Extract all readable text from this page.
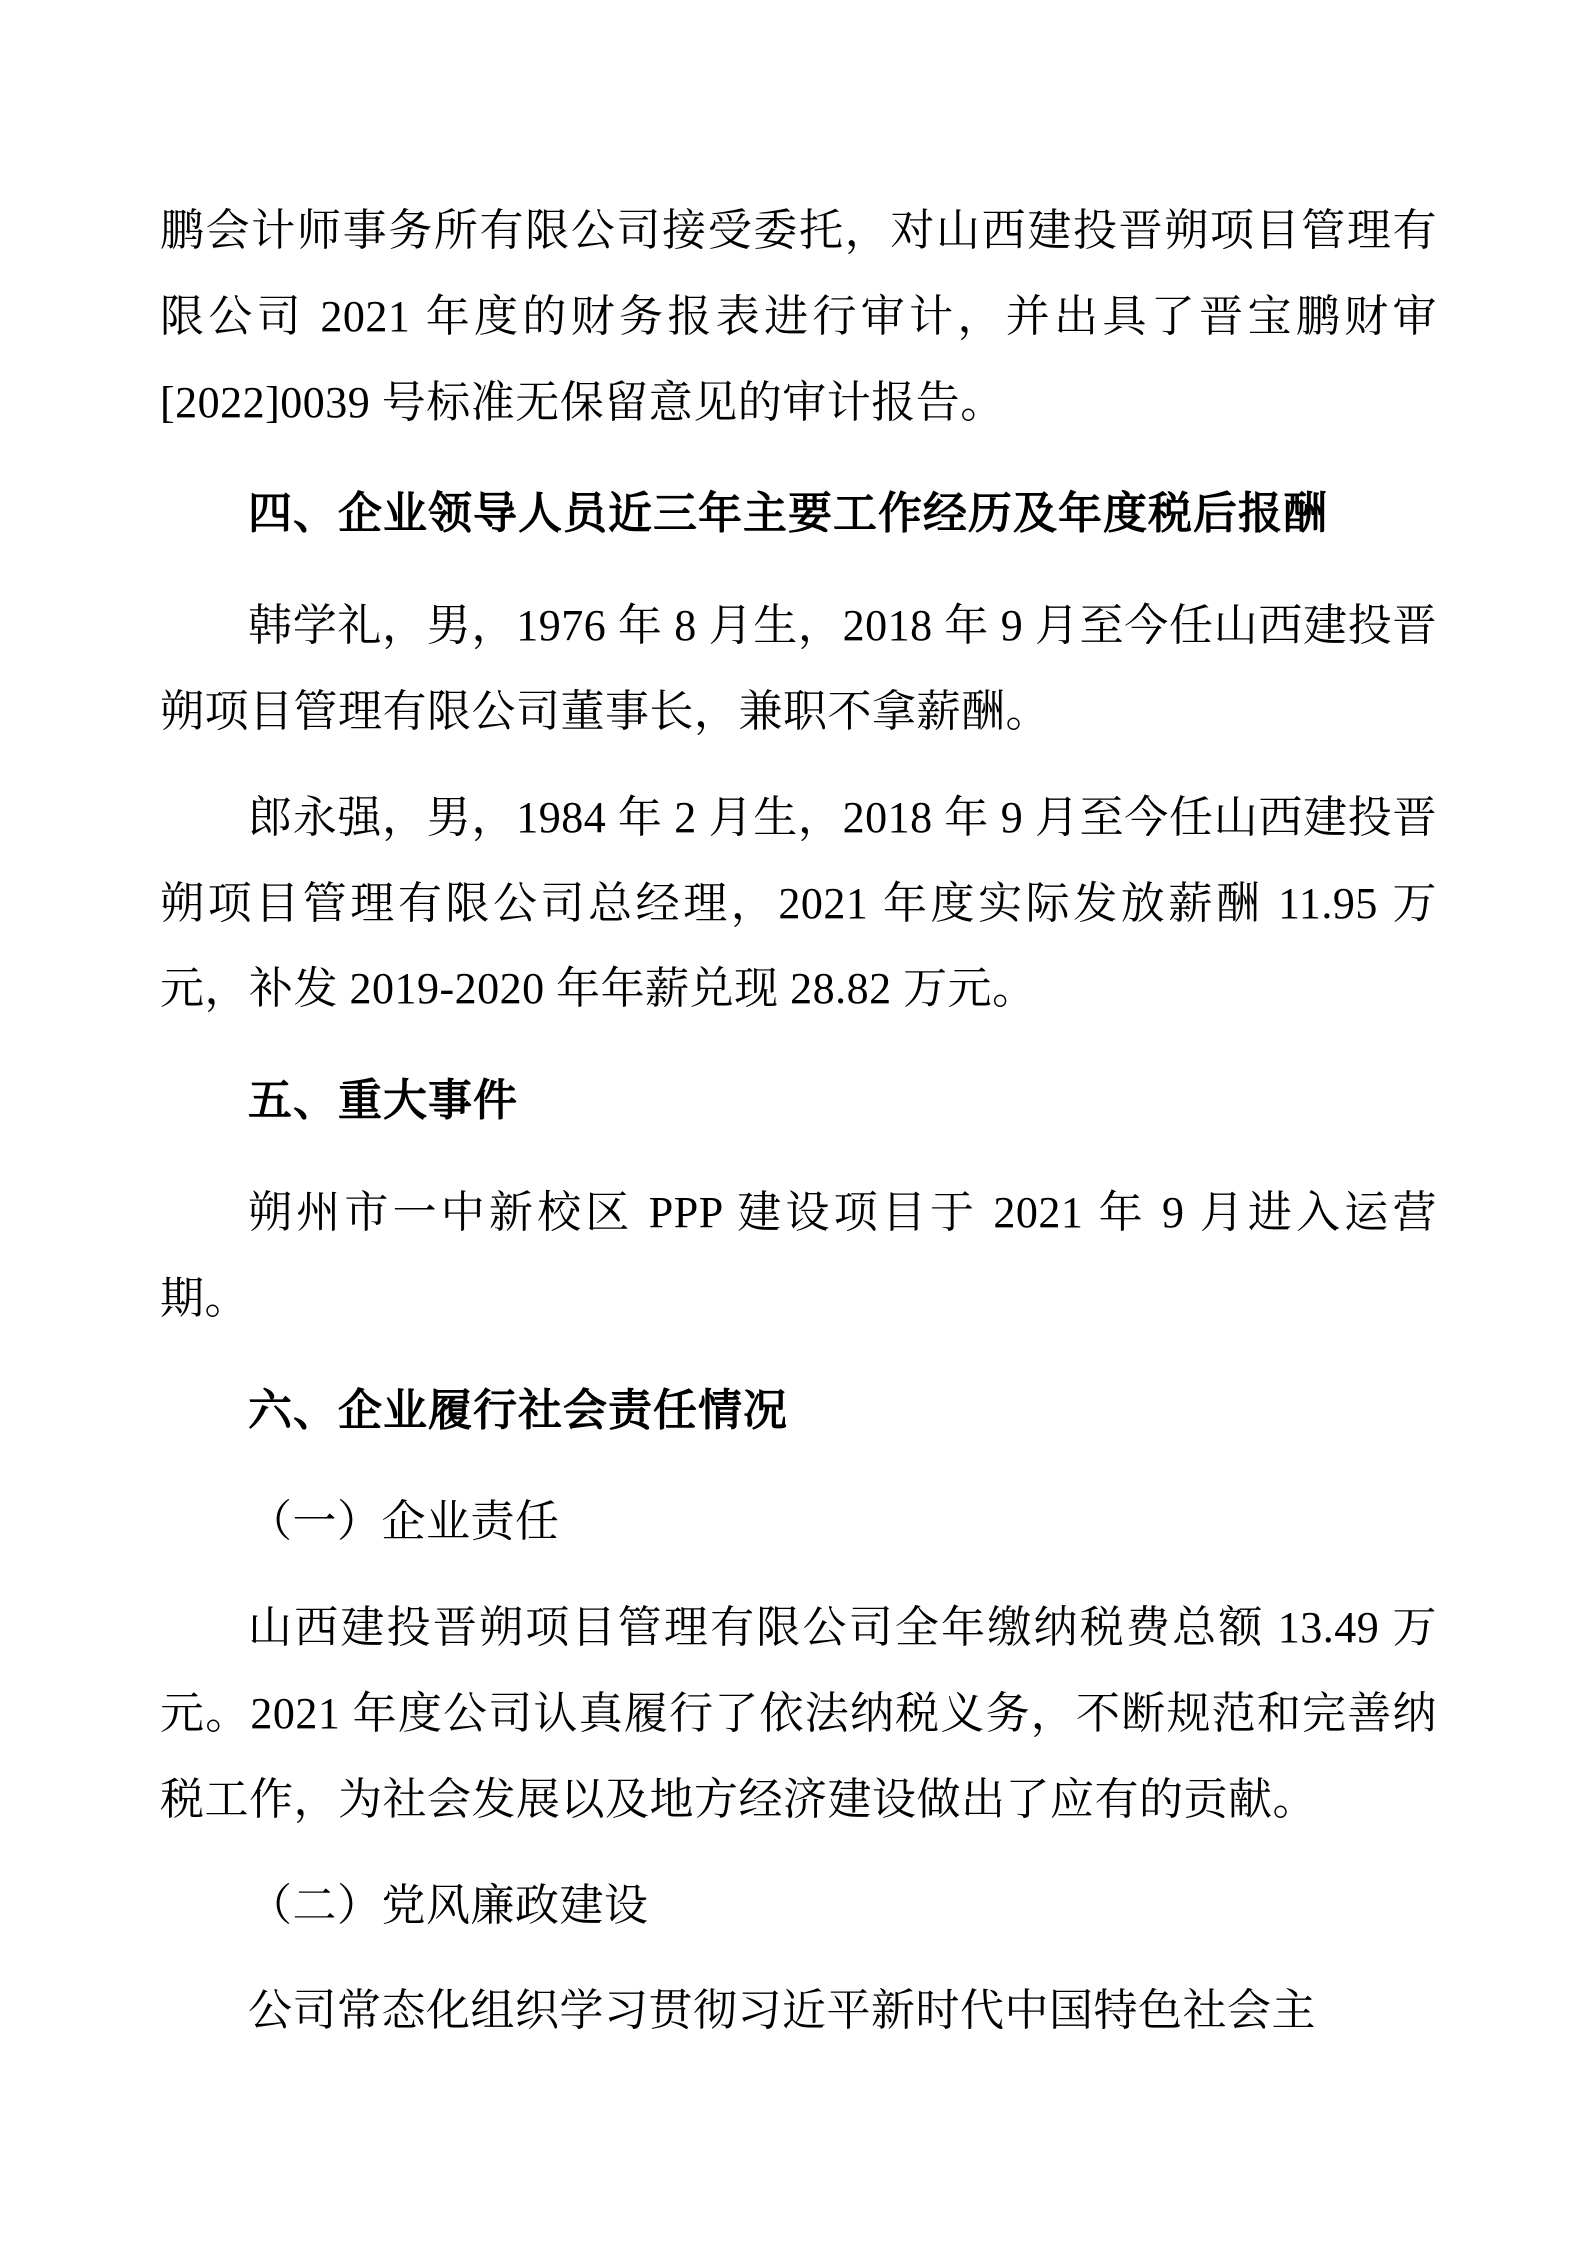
鹏会计师事务所有限公司接受委托，对山西建投晋朔项目管理有限公司 2021 年度的财务报表进行审计，并出具了晋宝鹏财审[2022]0039 号标准无保留意见的审计报告。

四、企业领导人员近三年主要工作经历及年度税后报酬

韩学礼，男，1976 年 8 月生，2018 年 9 月至今任山西建投晋朔项目管理有限公司董事长，兼职不拿薪酬。

郎永强，男，1984 年 2 月生，2018 年 9 月至今任山西建投晋朔项目管理有限公司总经理，2021 年度实际发放薪酬 11.95 万元，补发 2019-2020 年年薪兑现 28.82 万元。

五、重大事件

朔州市一中新校区 PPP 建设项目于 2021 年 9 月进入运营期。

六、企业履行社会责任情况

（一）企业责任

山西建投晋朔项目管理有限公司全年缴纳税费总额 13.49 万元。2021 年度公司认真履行了依法纳税义务，不断规范和完善纳税工作，为社会发展以及地方经济建设做出了应有的贡献。

（二）党风廉政建设

公司常态化组织学习贯彻习近平新时代中国特色社会主
